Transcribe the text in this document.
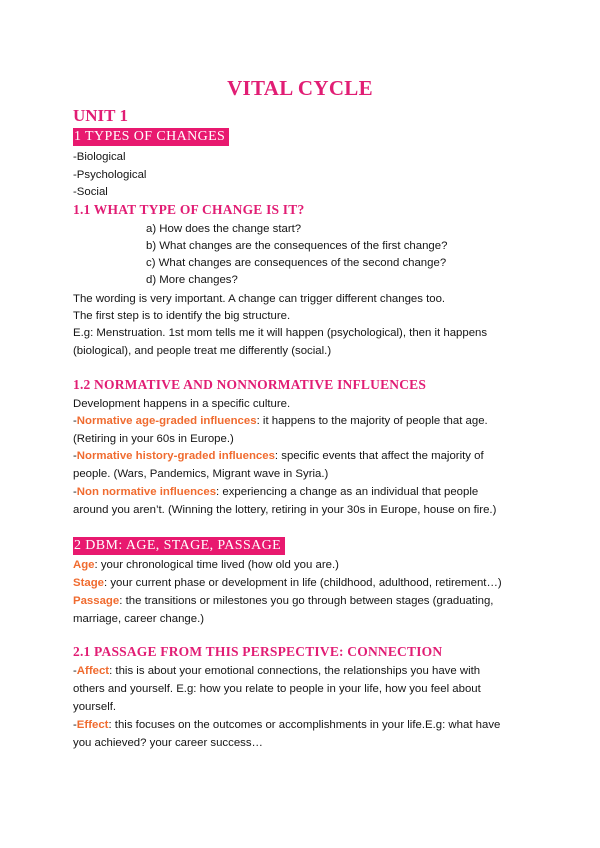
VITAL CYCLE
UNIT 1
1 TYPES OF CHANGES
-Biological
-Psychological
-Social
1.1 WHAT TYPE OF CHANGE IS IT?
a) How does the change start?
b) What changes are the consequences of the first change?
c) What changes are consequences of the second change?
d) More changes?
The wording is very important. A change can trigger different changes too.
The first step is to identify the big structure.
E.g: Menstruation. 1st mom tells me it will happen (psychological), then it happens
(biological), and people treat me differently (social.)
1.2 NORMATIVE AND NONNORMATIVE INFLUENCES
Development happens in a specific culture.
-Normative age-graded influences: it happens to the majority of people that age.
(Retiring in your 60s in Europe.)
-Normative history-graded influences: specific events that affect the majority of
people. (Wars, Pandemics, Migrant wave in Syria.)
-Non normative influences: experiencing a change as an individual that people
around you aren’t. (Winning the lottery, retiring in your 30s in Europe, house on fire.)
2 DBM: AGE, STAGE, PASSAGE
Age: your chronological time lived (how old you are.)
Stage: your current phase or development in life (childhood, adulthood, retirement…)
Passage: the transitions or milestones you go through between stages (graduating,
marriage, career change.)
2.1 PASSAGE FROM THIS PERSPECTIVE: CONNECTION
-Affect: this is about your emotional connections, the relationships you have with
others and yourself. E.g: how you relate to people in your life, how you feel about
yourself.
-Effect: this focuses on the outcomes or accomplishments in your life.E.g: what have
you achieved? your career success…
